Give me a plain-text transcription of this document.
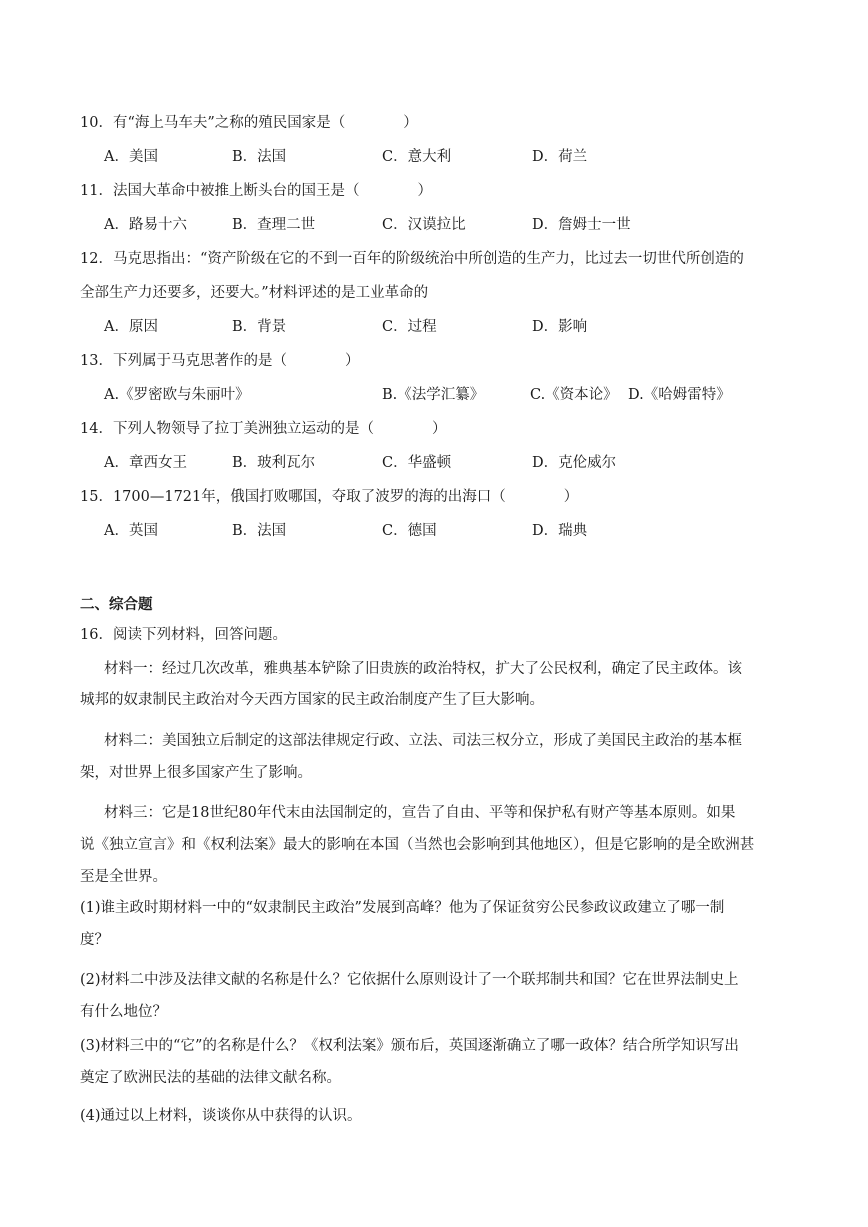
10．有“海上马车夫”之称的殖民国家是（　　　　）
A．美国	B．法国	C．意大利	D．荷兰
11．法国大革命中被推上断头台的国王是（　　　　）
A．路易十六	B．查理二世	C．汉谟拉比	D．詹姆士一世
12．马克思指出：“资产阶级在它的不到一百年的阶级统治中所创造的生产力，比过去一切世代所创造的
全部生产力还要多，还要大。”材料评述的是工业革命的
A．原因	B．背景	C．过程	D．影响
13．下列属于马克思著作的是（　　　　）
A.《罗密欧与朱丽叶》	B.《法学汇纂》	C.《资本论》 D.《哈姆雷特》
14．下列人物领导了拉丁美洲独立运动的是（　　　　）
A．章西女王	B．玻利瓦尔	C．华盛顿	D．克伦威尔
15．1700—1721年，俄国打败哪国，夺取了波罗的海的出海口（　　　　）
A．英国	B．法国	C．德国	D．瑞典
二、综合题
16．阅读下列材料，回答问题。
材料一：经过几次改革，雅典基本铲除了旧贵族的政治特权，扩大了公民权利，确定了民主政体。该
城邦的奴隶制民主政治对今天西方国家的民主政治制度产生了巨大影响。
材料二：美国独立后制定的这部法律规定行政、立法、司法三权分立，形成了美国民主政治的基本框
架，对世界上很多国家产生了影响。
材料三：它是18世纪80年代末由法国制定的，宣告了自由、平等和保护私有财产等基本原则。如果
说《独立宣言》和《权利法案》最大的影响在本国（当然也会影响到其他地区），但是它影响的是全欧洲甚
至是全世界。
(1)谁主政时期材料一中的“奴隶制民主政治”发展到高峰？他为了保证贫穷公民参政议政建立了哪一制
度？
(2)材料二中涉及法律文献的名称是什么？它依据什么原则设计了一个联邦制共和国？它在世界法制史上
有什么地位？
(3)材料三中的“它”的名称是什么？《权利法案》颁布后，英国逐渐确立了哪一政体？结合所学知识写出
奠定了欧洲民法的基础的法律文献名称。
(4)通过以上材料，谈谈你从中获得的认识。
